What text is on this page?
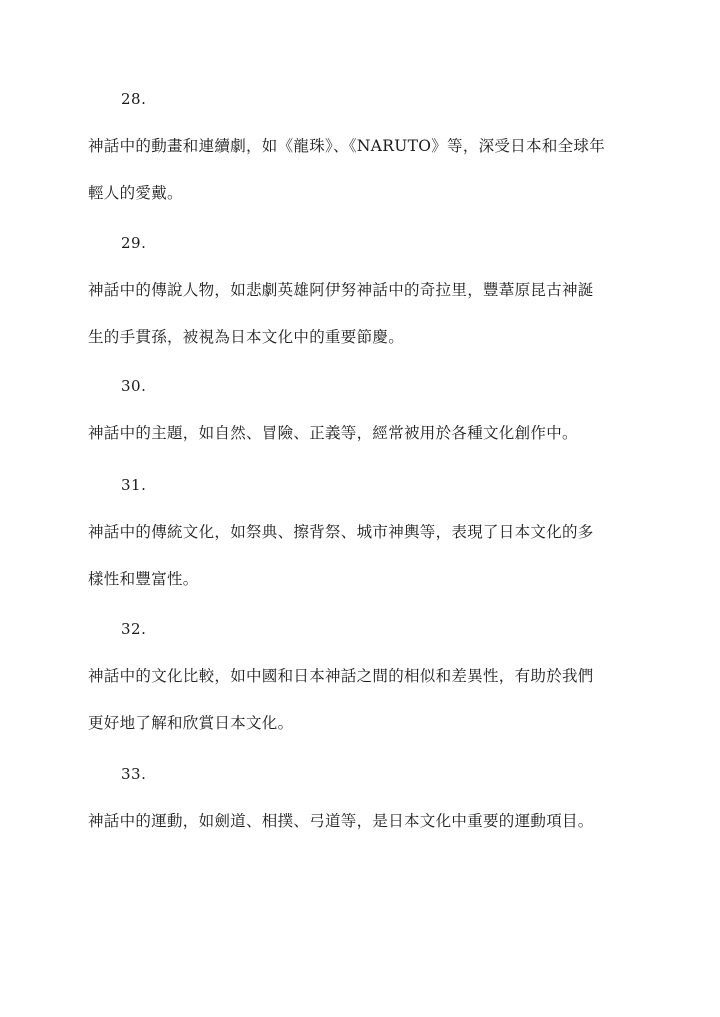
28.
神話中的動畫和連續劇，如《龍珠》、《NARUTO》等，深受日本和全球年
輕人的愛戴。
29.
神話中的傳說人物，如悲劇英雄阿伊努神話中的奇拉里，豐葦原昆古神誕
生的手貫孫，被視為日本文化中的重要節慶。
30.
神話中的主題，如自然、冒險、正義等，經常被用於各種文化創作中。
31.
神話中的傳統文化，如祭典、擦背祭、城市神輿等，表現了日本文化的多
樣性和豐富性。
32.
神話中的文化比較，如中國和日本神話之間的相似和差異性，有助於我們
更好地了解和欣賞日本文化。
33.
神話中的運動，如劍道、相撲、弓道等，是日本文化中重要的運動項目。
